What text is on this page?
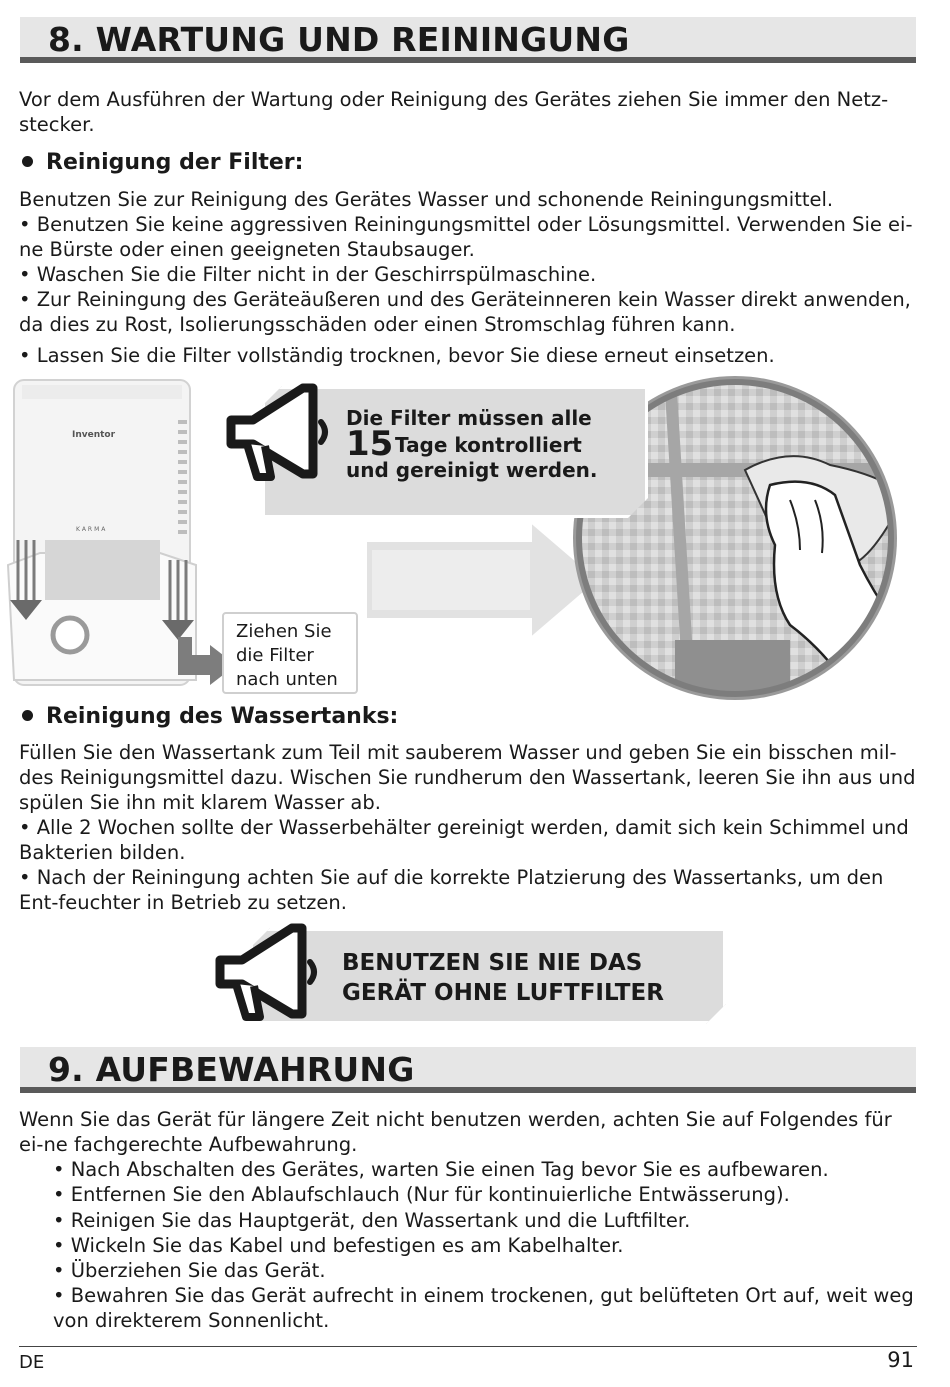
8. WARTUNG UND REININGUNG

Vor dem Ausführen der Wartung oder Reinigung des Gerätes ziehen Sie immer den Netz-stecker.

Reinigung der Filter:

Benutzen Sie zur Reinigung des Gerätes Wasser und schonende Reiningungsmittel.

• Benutzen Sie keine aggressiven Reiningungsmittel oder Lösungsmittel. Verwenden Sie ei-ne Bürste oder einen geeigneten Staubsauger.

• Waschen Sie die Filter nicht in der Geschirrspülmaschine.

• Zur Reiningung des Geräteäußeren und des Geräteinneren kein Wasser direkt anwenden, da dies zu Rost, Isolierungsschäden oder einen Stromschlag führen kann.

• Lassen Sie die Filter vollständig trocknen, bevor Sie diese erneut einsetzen.

Die Filter müssen alle
15 Tage kontrolliert
und gereinigt werden.
Inventor
KARMA
Ziehen Sie
die Filter
nach unten
Reinigung des Wassertanks:

Füllen Sie den Wassertank zum Teil mit sauberem Wasser und geben Sie ein bisschen mil-des Reinigungsmittel dazu. Wischen Sie rundherum den Wassertank, leeren Sie ihn aus und spülen Sie ihn mit klarem Wasser ab.

• Alle 2 Wochen sollte der Wasserbehälter gereinigt werden, damit sich kein Schimmel und Bakterien bilden.

• Nach der Reiningung achten Sie auf die korrekte Platzierung des Wassertanks, um den Ent-feuchter in Betrieb zu setzen.

BENUTZEN SIE NIE DAS
GERÄT OHNE LUFTFILTER
9. AUFBEWAHRUNG

Wenn Sie das Gerät für längere Zeit nicht benutzen werden, achten Sie auf Folgendes für ei-ne fachgerechte Aufbewahrung.

• Nach Abschalten des Gerätes, warten Sie einen Tag bevor Sie es aufbewaren.

• Entfernen Sie den Ablaufschlauch (Nur für kontinuierliche Entwässerung).

• Reinigen Sie das Hauptgerät, den Wassertank und die Luftfilter.

• Wickeln Sie das Kabel und befestigen es am Kabelhalter.

• Überziehen Sie das Gerät.

• Bewahren Sie das Gerät aufrecht in einem trockenen, gut belüfteten Ort auf, weit weg von direkterem Sonnenlicht.

DE	91
